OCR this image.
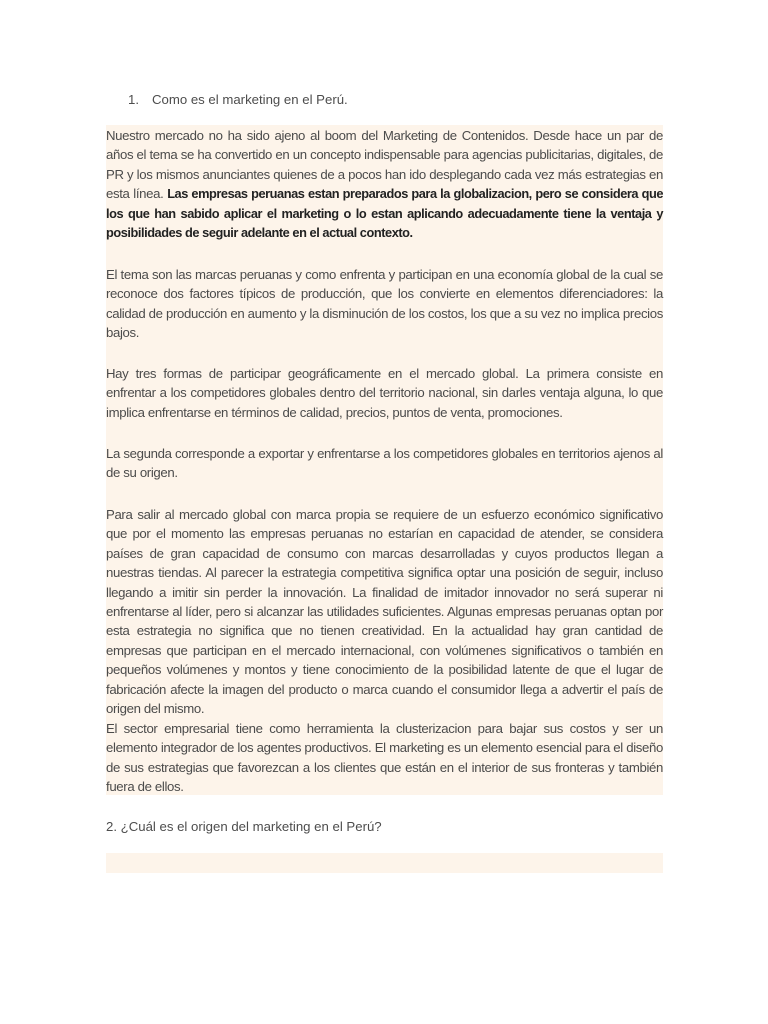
1. Como es el marketing en el Perú.

Nuestro mercado no ha sido ajeno al boom del Marketing de Contenidos. Desde hace un par de años el tema se ha convertido en un concepto indispensable para agencias publicitarias, digitales, de PR y los mismos anunciantes quienes de a pocos han ido desplegando cada vez más estrategias en esta línea. Las empresas peruanas estan preparados para la globalizacion, pero se considera que los que han sabido aplicar el marketing o lo estan aplicando adecuadamente tiene la ventaja y posibilidades de seguir adelante en el actual contexto.

El tema son las marcas peruanas y como enfrenta y participan en una economía global de la cual se reconoce dos factores típicos de producción, que los convierte en elementos diferenciadores: la calidad de producción en aumento y la disminución de los costos, los que a su vez no implica precios bajos.

Hay tres formas de participar geográficamente en el mercado global. La primera consiste en enfrentar a los competidores globales dentro del territorio nacional, sin darles ventaja alguna, lo que implica enfrentarse en términos de calidad, precios, puntos de venta, promociones.

La segunda corresponde a exportar y enfrentarse a los competidores globales en territorios ajenos al de su origen.

Para salir al mercado global con marca propia se requiere de un esfuerzo económico significativo que por el momento las empresas peruanas no estarían en capacidad de atender, se considera países de gran capacidad de consumo con marcas desarrolladas y cuyos productos llegan a nuestras tiendas. Al parecer la estrategia competitiva significa optar una posición de seguir, incluso llegando a imitir sin perder la innovación. La finalidad de imitador innovador no será superar ni enfrentarse al líder, pero si alcanzar las utilidades suficientes. Algunas empresas peruanas optan por esta estrategia no significa que no tienen creatividad. En la actualidad hay gran cantidad de empresas que participan en el mercado internacional, con volúmenes significativos o también en pequeños volúmenes y montos y tiene conocimiento de la posibilidad latente de que el lugar de fabricación afecte la imagen del producto o marca cuando el consumidor llega a advertir el país de origen del mismo.

El sector empresarial tiene como herramienta la clusterizacion para bajar sus costos y ser un elemento integrador de los agentes productivos. El marketing es un elemento esencial para el diseño de sus estrategias que favorezcan a los clientes que están en el interior de sus fronteras y también fuera de ellos.

2. ¿Cuál es el origen del marketing en el Perú?
